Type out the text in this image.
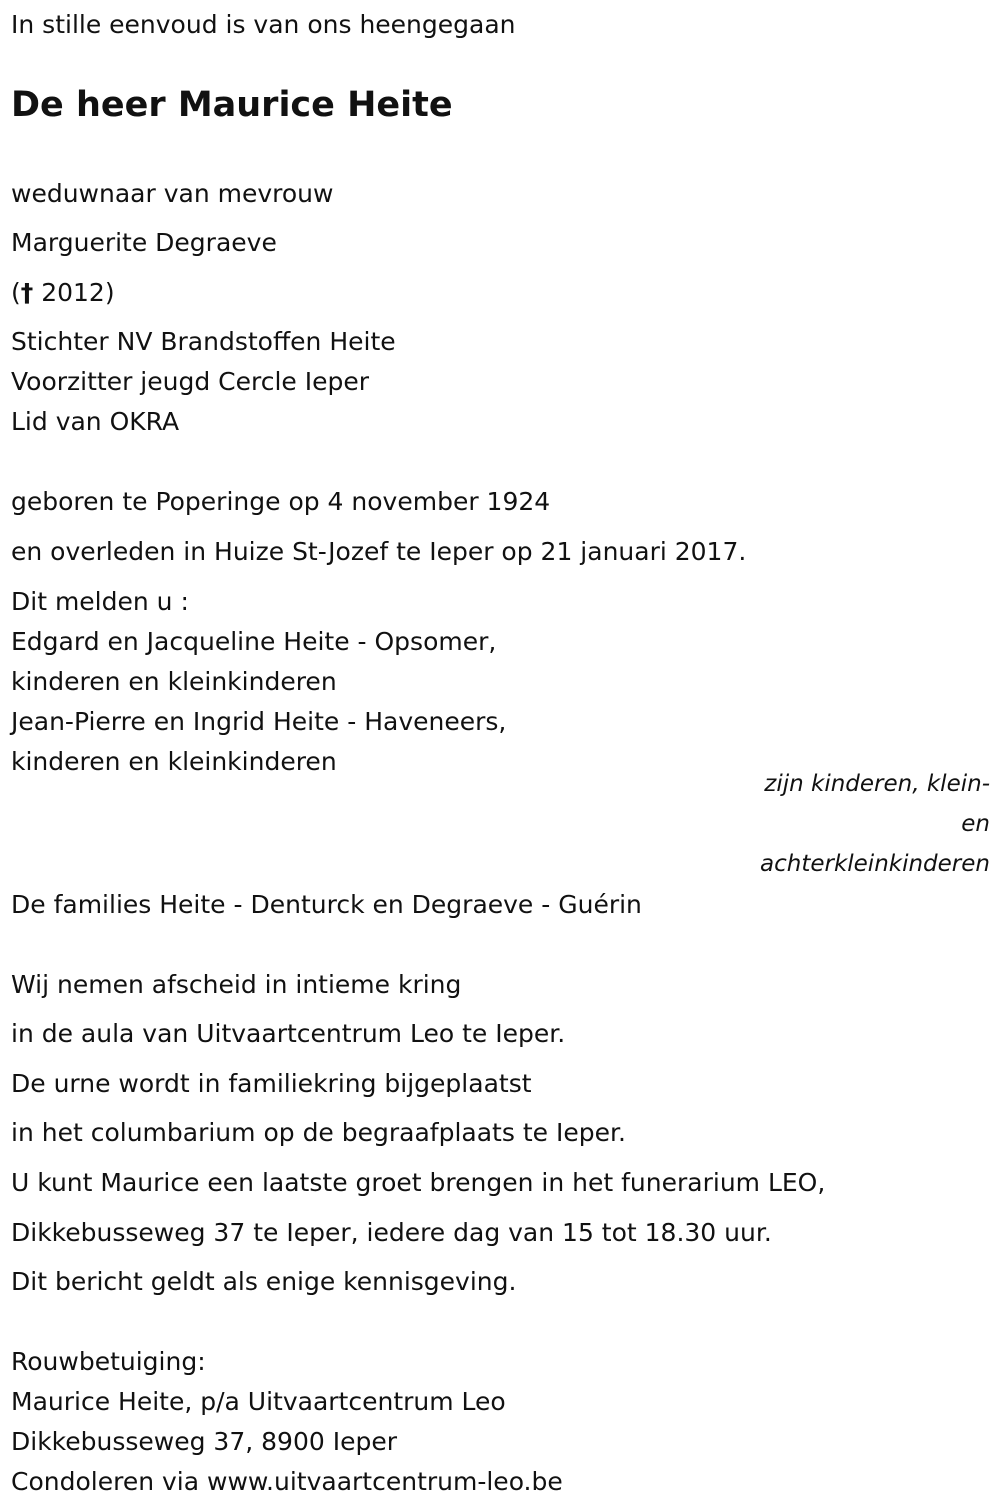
In stille eenvoud is van ons heengegaan
De heer Maurice Heite
weduwnaar van mevrouw
Marguerite Degraeve
(† 2012)
Stichter NV Brandstoffen Heite
Voorzitter jeugd Cercle Ieper
Lid van OKRA
geboren te Poperinge op 4 november 1924
en overleden in Huize St-Jozef te Ieper op 21 januari 2017.
Dit melden u :
Edgard en Jacqueline Heite - Opsomer,
kinderen en kleinkinderen
Jean-Pierre en Ingrid Heite - Haveneers,
kinderen en kleinkinderen
zijn kinderen, klein-
en
achterkleinkinderen
De families Heite - Denturck en Degraeve - Guérin
Wij nemen afscheid in intieme kring
in de aula van Uitvaartcentrum Leo te Ieper.
De urne wordt in familiekring bijgeplaatst
in het columbarium op de begraafplaats te Ieper.
U kunt Maurice een laatste groet brengen in het funerarium LEO,
Dikkebusseweg 37 te Ieper, iedere dag van 15 tot 18.30 uur.
Dit bericht geldt als enige kennisgeving.
Rouwbetuiging:
Maurice Heite, p/a Uitvaartcentrum Leo
Dikkebusseweg 37, 8900 Ieper
Condoleren via www.uitvaartcentrum-leo.be
